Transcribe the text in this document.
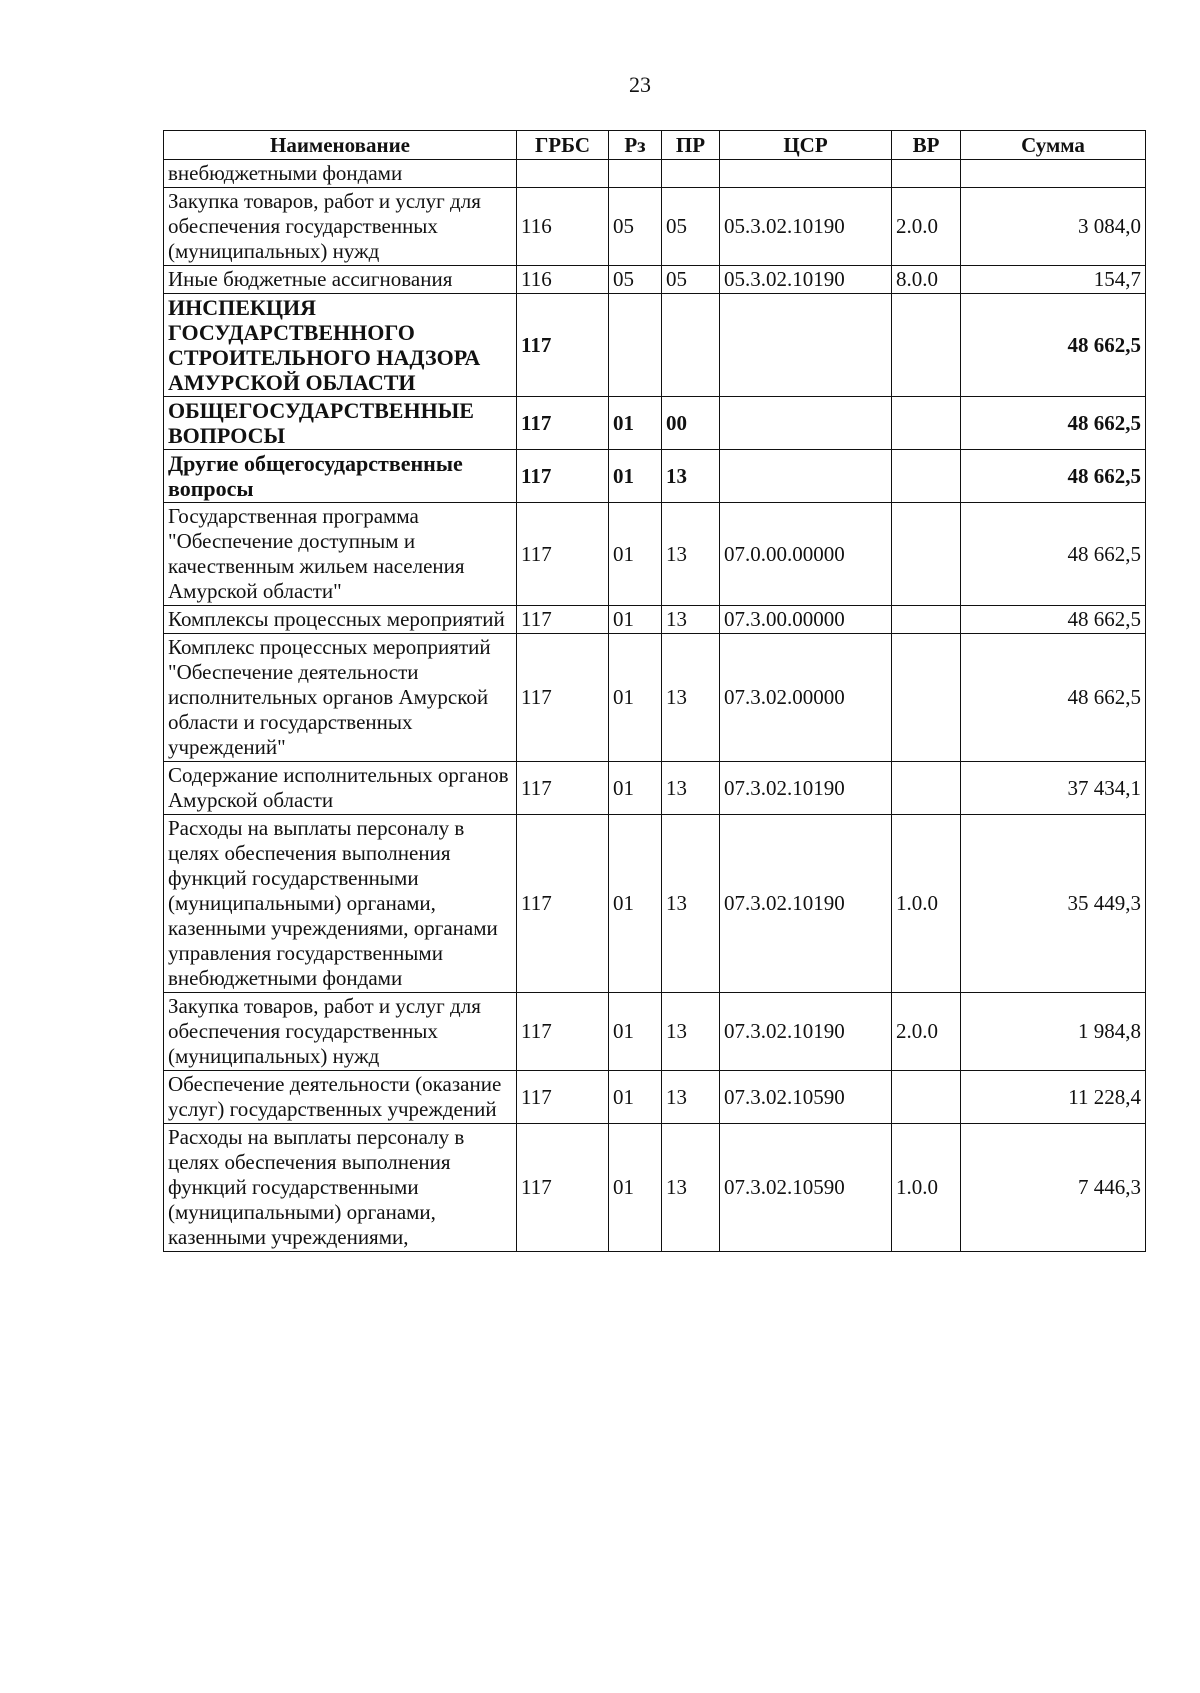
23
Наименование	ГРБС	Рз	ПР	ЦСР	ВР	Сумма
внебюджетными фондами						
Закупка товаров, работ и услуг для обеспечения государственных (муниципальных) нужд	116	05	05	05.3.02.10190	2.0.0	3 084,0
Иные бюджетные ассигнования	116	05	05	05.3.02.10190	8.0.0	154,7
ИНСПЕКЦИЯ ГОСУДАРСТВЕННОГО СТРОИТЕЛЬНОГО НАДЗОРА АМУРСКОЙ ОБЛАСТИ	117					48 662,5
ОБЩЕГОСУДАРСТВЕННЫЕ ВОПРОСЫ	117	01	00			48 662,5
Другие общегосударственные вопросы	117	01	13			48 662,5
Государственная программа "Обеспечение доступным и качественным жильем населения Амурской области"	117	01	13	07.0.00.00000		48 662,5
Комплексы процессных мероприятий	117	01	13	07.3.00.00000		48 662,5
Комплекс процессных мероприятий "Обеспечение деятельности исполнительных органов Амурской области и государственных учреждений"	117	01	13	07.3.02.00000		48 662,5
Содержание исполнительных органов Амурской области	117	01	13	07.3.02.10190		37 434,1
Расходы на выплаты персоналу в целях обеспечения выполнения функций государственными (муниципальными) органами, казенными учреждениями, органами управления государственными внебюджетными фондами	117	01	13	07.3.02.10190	1.0.0	35 449,3
Закупка товаров, работ и услуг для обеспечения государственных (муниципальных) нужд	117	01	13	07.3.02.10190	2.0.0	1 984,8
Обеспечение деятельности (оказание услуг) государственных учреждений	117	01	13	07.3.02.10590		11 228,4
Расходы на выплаты персоналу в целях обеспечения выполнения функций государственными (муниципальными) органами, казенными учреждениями,	117	01	13	07.3.02.10590	1.0.0	7 446,3
